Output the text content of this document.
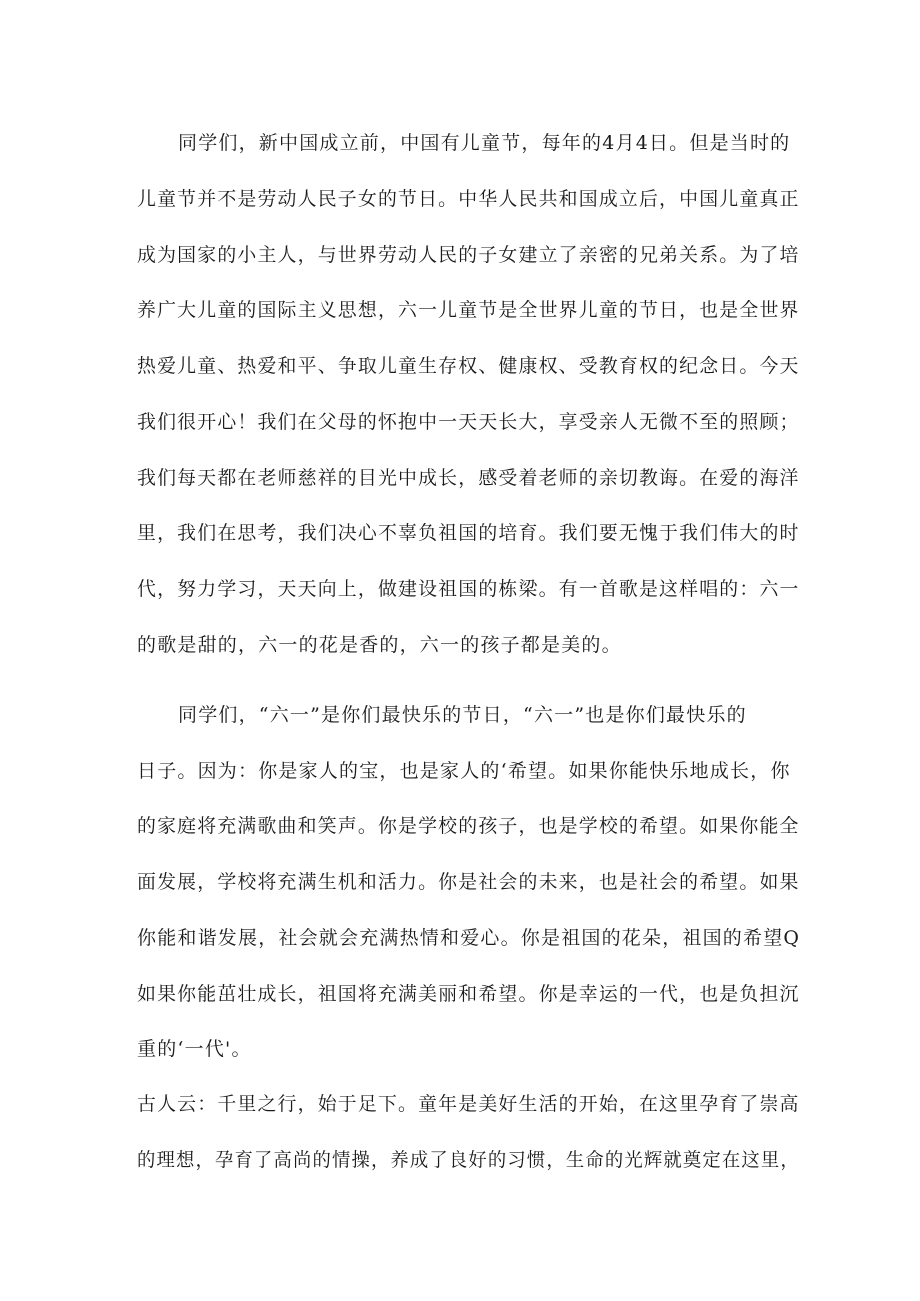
同学们，新中国成立前，中国有儿童节，每年的4月4日。但是当时的
儿童节并不是劳动人民子女的节日。中华人民共和国成立后，中国儿童真正
成为国家的小主人，与世界劳动人民的子女建立了亲密的兄弟关系。为了培
养广大儿童的国际主义思想，六一儿童节是全世界儿童的节日，也是全世界
热爱儿童、热爱和平、争取儿童生存权、健康权、受教育权的纪念日。今天
我们很开心！我们在父母的怀抱中一天天长大，享受亲人无微不至的照顾；
我们每天都在老师慈祥的目光中成长，感受着老师的亲切教诲。在爱的海洋
里，我们在思考，我们决心不辜负祖国的培育。我们要无愧于我们伟大的时
代，努力学习，天天向上，做建设祖国的栋梁。有一首歌是这样唱的：六一
的歌是甜的，六一的花是香的，六一的孩子都是美的。
同学们，“六一”是你们最快乐的节日，“六一”也是你们最快乐的
日子。因为：你是家人的宝，也是家人的‘希望。如果你能快乐地成长，你
的家庭将充满歌曲和笑声。你是学校的孩子，也是学校的希望。如果你能全
面发展，学校将充满生机和活力。你是社会的未来，也是社会的希望。如果
你能和谐发展，社会就会充满热情和爱心。你是祖国的花朵，祖国的希望Q
如果你能茁壮成长，祖国将充满美丽和希望。你是幸运的一代，也是负担沉
重的‘一代'。
古人云：千里之行，始于足下。童年是美好生活的开始，在这里孕育了崇高
的理想，孕育了高尚的情操，养成了良好的习惯，生命的光辉就奠定在这里，
